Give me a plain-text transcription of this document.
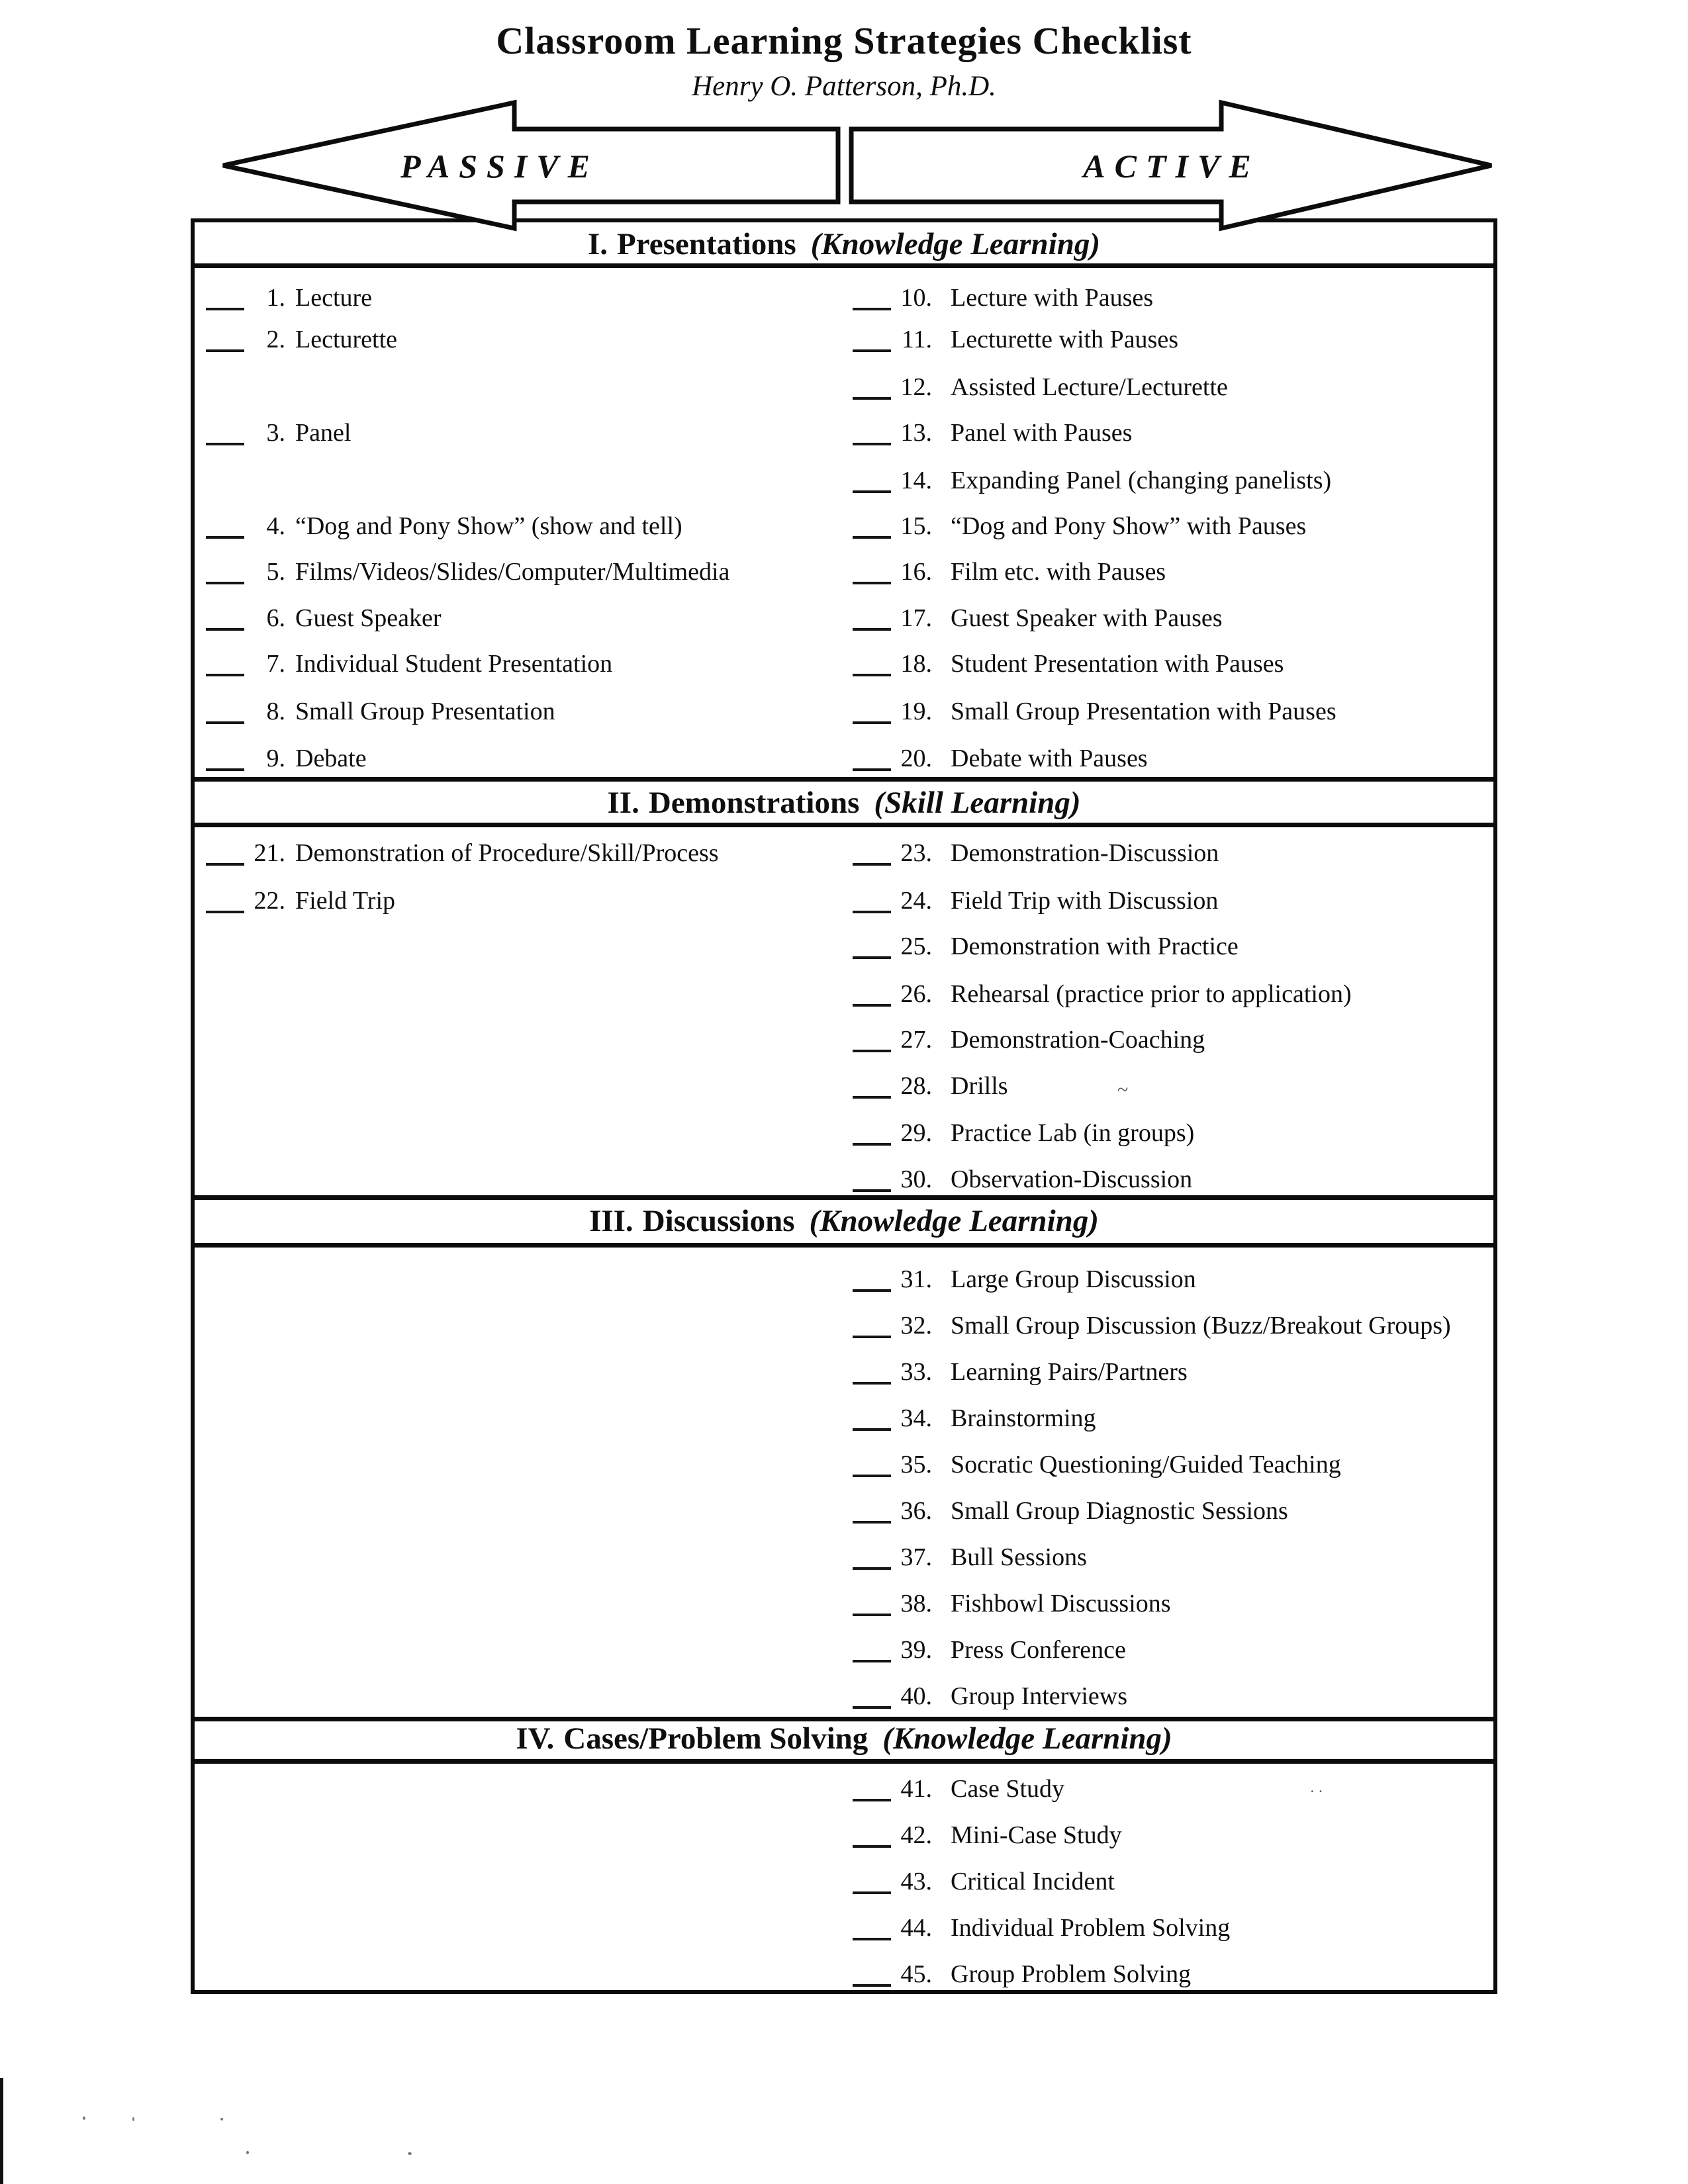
Classroom Learning Strategies Checklist
Henry O. Patterson, Ph.D.
I. Presentations (Knowledge Learning)
II. Demonstrations (Skill Learning)
III. Discussions (Knowledge Learning)
IV. Cases/Problem Solving (Knowledge Learning)
1. Lecture
2. Lecturette
3. Panel
4. “Dog and Pony Show” (show and tell)
5. Films/Videos/Slides/Computer/Multimedia
6. Guest Speaker
7. Individual Student Presentation
8. Small Group Presentation
9. Debate
10. Lecture with Pauses
11. Lecturette with Pauses
12. Assisted Lecture/Lecturette
13. Panel with Pauses
14. Expanding Panel (changing panelists)
15. “Dog and Pony Show” with Pauses
16. Film etc. with Pauses
17. Guest Speaker with Pauses
18. Student Presentation with Pauses
19. Small Group Presentation with Pauses
20. Debate with Pauses
21. Demonstration of Procedure/Skill/Process
22. Field Trip
23. Demonstration-Discussion
24. Field Trip with Discussion
25. Demonstration with Practice
26. Rehearsal (practice prior to application)
27. Demonstration-Coaching
28. Drills
29. Practice Lab (in groups)
30. Observation-Discussion
31. Large Group Discussion
32. Small Group Discussion (Buzz/Breakout Groups)
33. Learning Pairs/Partners
34. Brainstorming
35. Socratic Questioning/Guided Teaching
36. Small Group Diagnostic Sessions
37. Bull Sessions
38. Fishbowl Discussions
39. Press Conference
40. Group Interviews
41. Case Study
42. Mini-Case Study
43. Critical Incident
44. Individual Problem Solving
45. Group Problem Solving
PASSIVE	ACTIVE
~
˙˙
